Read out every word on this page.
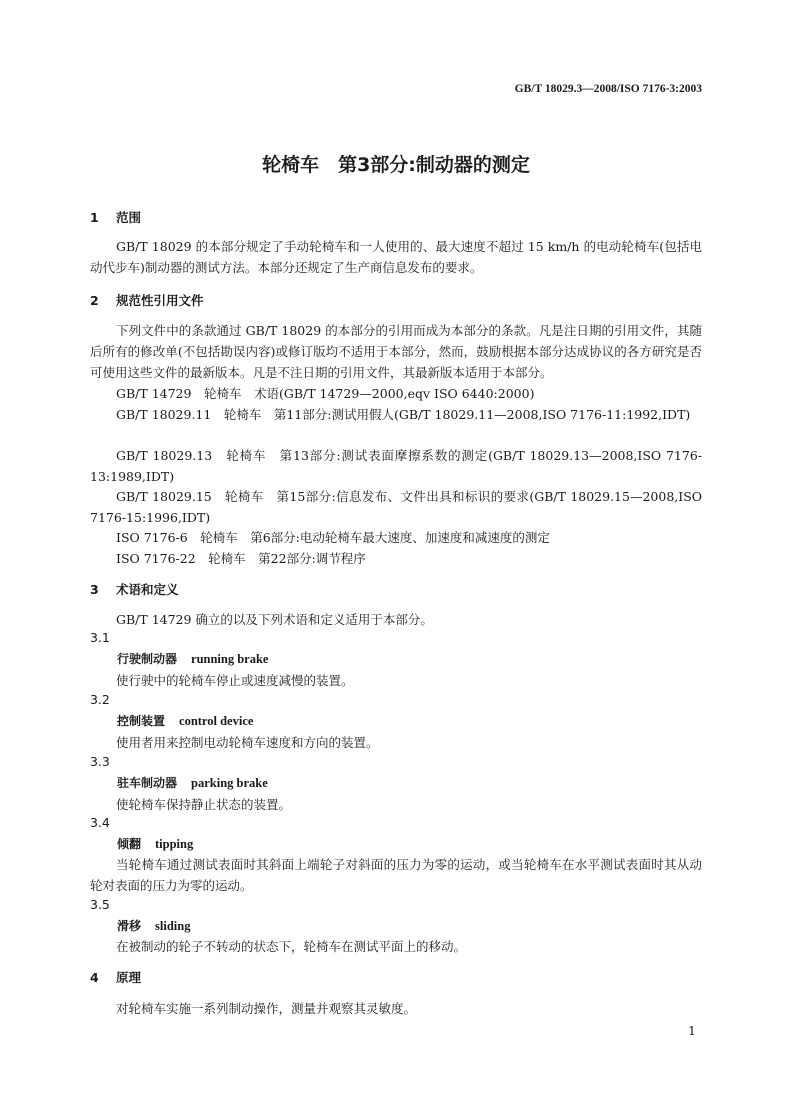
GB/T 18029.3—2008/ISO 7176-3:2003
轮椅车　第3部分:制动器的测定
1 范围
GB/T 18029 的本部分规定了手动轮椅车和一人使用的、最大速度不超过 15 km/h 的电动轮椅车(包括电动代步车)制动器的测试方法。本部分还规定了生产商信息发布的要求。
2 规范性引用文件
下列文件中的条款通过 GB/T 18029 的本部分的引用而成为本部分的条款。凡是注日期的引用文件，其随后所有的修改单(不包括勘误内容)或修订版均不适用于本部分，然而，鼓励根据本部分达成协议的各方研究是否可使用这些文件的最新版本。凡是不注日期的引用文件，其最新版本适用于本部分。
GB/T 14729　轮椅车　术语(GB/T 14729—2000,eqv ISO 6440:2000)
GB/T 18029.11　轮椅车　第11部分:测试用假人(GB/T 18029.11—2008,ISO 7176-11:1992,IDT)
GB/T 18029.13　轮椅车　第13部分:测试表面摩擦系数的测定(GB/T 18029.13—2008,ISO 7176-13:1989,IDT)
GB/T 18029.15　轮椅车　第15部分:信息发布、文件出具和标识的要求(GB/T 18029.15—2008,ISO 7176-15:1996,IDT)
ISO 7176-6　轮椅车　第6部分:电动轮椅车最大速度、加速度和减速度的测定
ISO 7176-22　轮椅车　第22部分:调节程序
3 术语和定义
GB/T 14729 确立的以及下列术语和定义适用于本部分。
3.1
行驶制动器 running brake
使行驶中的轮椅车停止或速度减慢的装置。
3.2
控制装置 control device
使用者用来控制电动轮椅车速度和方向的装置。
3.3
驻车制动器 parking brake
使轮椅车保持静止状态的装置。
3.4
倾翻 tipping
当轮椅车通过测试表面时其斜面上端轮子对斜面的压力为零的运动，或当轮椅车在水平测试表面时其从动轮对表面的压力为零的运动。
3.5
滑移 sliding
在被制动的轮子不转动的状态下，轮椅车在测试平面上的移动。
4 原理
对轮椅车实施一系列制动操作，测量并观察其灵敏度。
1
